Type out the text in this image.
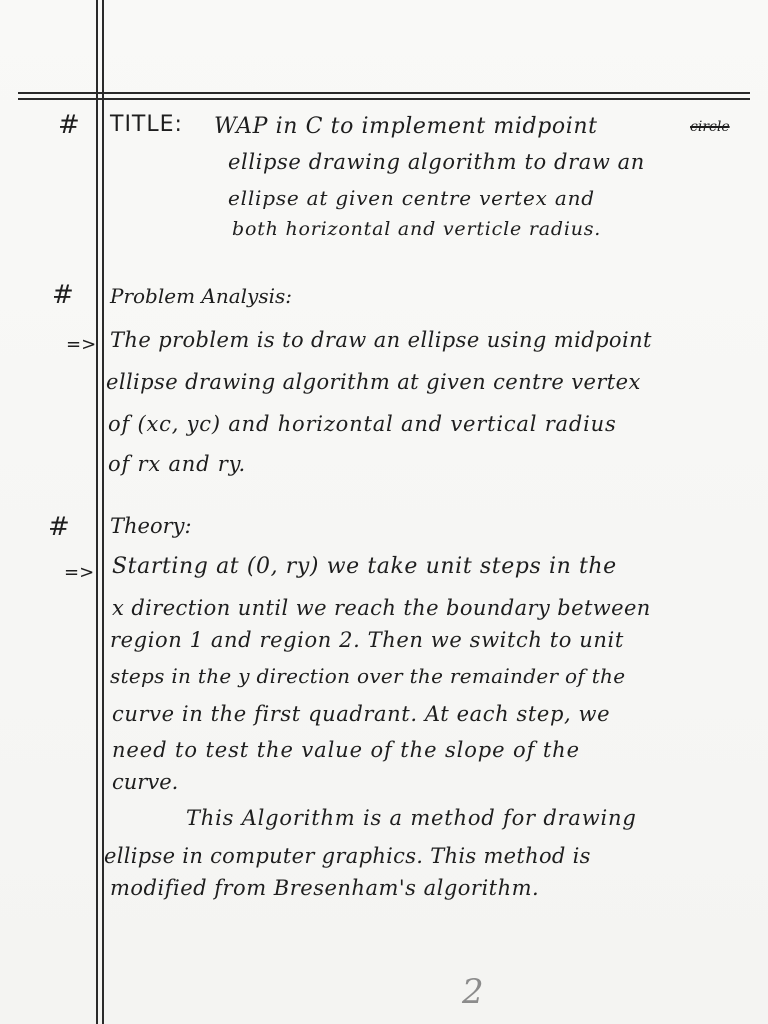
# TITLE: WAP in C to implement midpoint	circle
ellipse drawing algorithm to draw an
ellipse at given centre vertex and
both horizontal and verticle radius.
# Problem Analysis:
=> The problem is to draw an ellipse using midpoint
ellipse drawing algorithm at given centre vertex
of (xc, yc) and horizontal and vertical radius
of rx and ry.
# Theory:
=> Starting at (0, ry) we take unit steps in the
x direction until we reach the boundary between
region 1 and region 2. Then we switch to unit
steps in the y direction over the remainder of the
curve in the first quadrant. At each step, we
need to test the value of the slope of the
curve.
This Algorithm is a method for drawing
ellipse in computer graphics. This method is
modified from Bresenham's algorithm.
2
